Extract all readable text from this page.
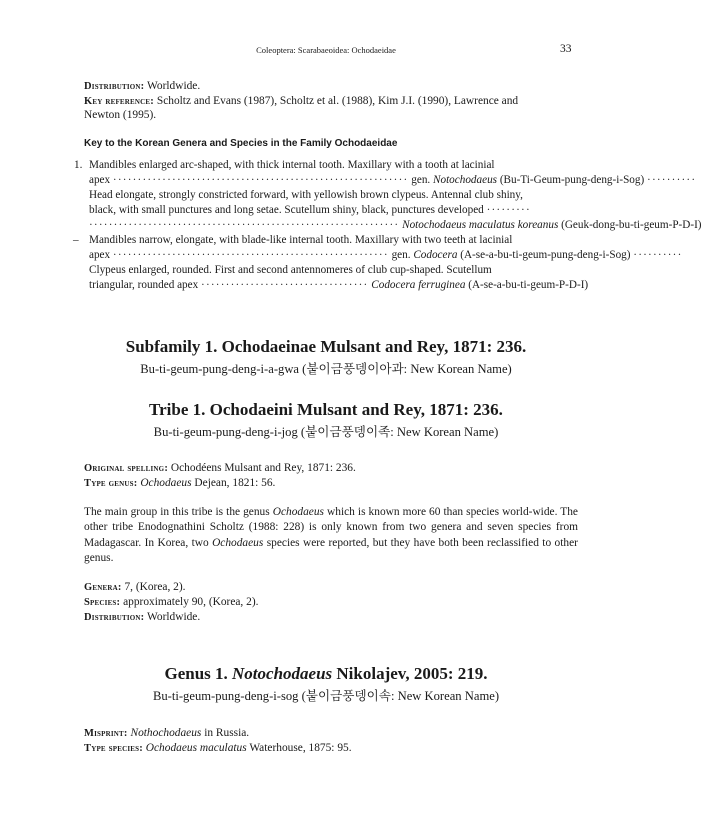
Coleoptera: Scarabaeoidea: Ochodaeidae	33
Distribution: Worldwide.
Key reference: Scholtz and Evans (1987), Scholtz et al. (1988), Kim J.I. (1990), Lawrence and
Newton (1995).
Key to the Korean Genera and Species in the Family Ochodaeidae
1. Mandibles enlarged arc-shaped, with thick internal tooth. Maxillary with a tooth at lacinial
apex ···························································· gen. Notochodaeus (Bu-Ti-Geum-pung-deng-i-Sog) ··········
Head elongate, strongly constricted forward, with yellowish brown clypeus. Antennal club shiny,
black, with small punctures and long setae. Scutellum shiny, black, punctures developed ·········
······························································· Notochodaeus maculatus koreanus (Geuk-dong-bu-ti-geum-P-D-I)
– Mandibles narrow, elongate, with blade-like internal tooth. Maxillary with two teeth at lacinial
apex ························································ gen. Codocera (A-se-a-bu-ti-geum-pung-deng-i-Sog) ··········
Clypeus enlarged, rounded. First and second antennomeres of club cup-shaped. Scutellum
triangular, rounded apex ·································· Codocera ferruginea (A-se-a-bu-ti-geum-P-D-I)
Subfamily 1. Ochodaeinae Mulsant and Rey, 1871: 236.
Bu-ti-geum-pung-deng-i-a-gwa (붙이금풍뎅이아과: New Korean Name)
Tribe 1. Ochodaeini Mulsant and Rey, 1871: 236.
Bu-ti-geum-pung-deng-i-jog (붙이금풍뎅이족: New Korean Name)
Original spelling: Ochodéens Mulsant and Rey, 1871: 236.
Type genus: Ochodaeus Dejean, 1821: 56.
The main group in this tribe is the genus Ochodaeus which is known more 60 than species world-wide. The other tribe Enodognathini Scholtz (1988: 228) is only known from two genera and seven species from Madagascar. In Korea, two Ochodaeus species were reported, but they have both been reclassified to other genus.
Genera: 7, (Korea, 2).
Species: approximately 90, (Korea, 2).
Distribution: Worldwide.
Genus 1. Notochodaeus Nikolajev, 2005: 219.
Bu-ti-geum-pung-deng-i-sog (붙이금풍뎅이속: New Korean Name)
Misprint: Nothochodaeus in Russia.
Type species: Ochodaeus maculatus Waterhouse, 1875: 95.
